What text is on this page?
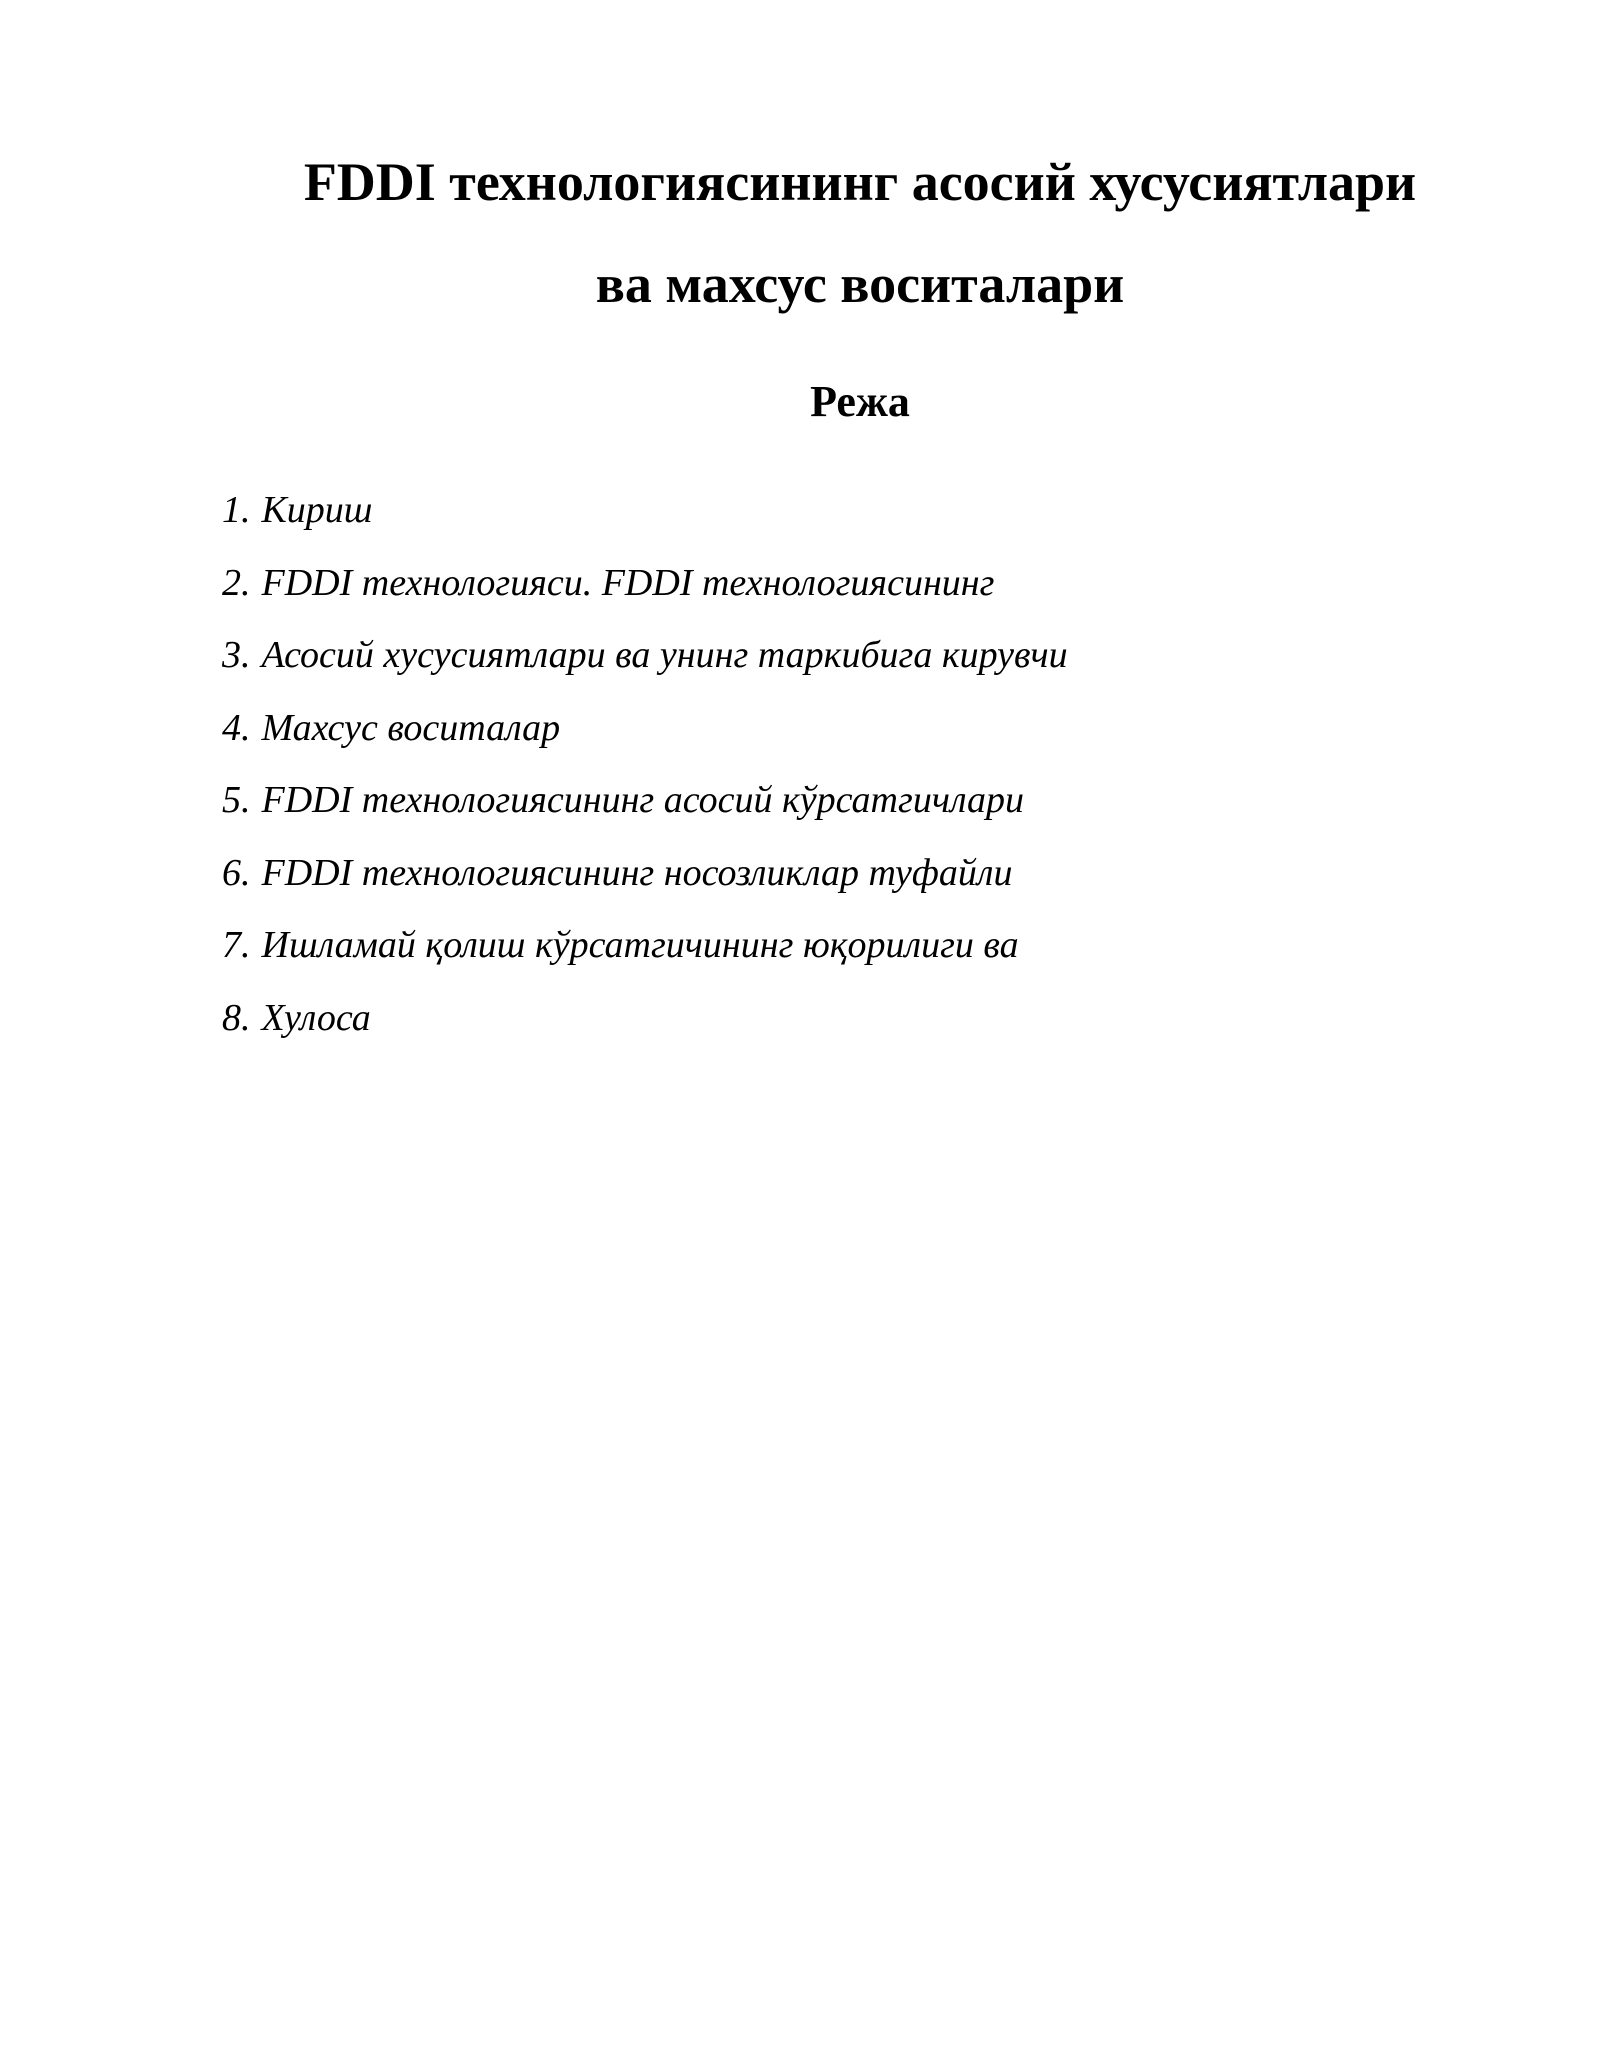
FDDI технологиясининг асосий хусусиятлари
ва махсус воситалари
Режа
1. Кириш
2. FDDI технологияси. FDDI технологиясининг
3. Асосий хусусиятлари ва унинг таркибига кирувчи
4. Махсус воситалар
5. FDDI технологиясининг асосий кўрсатгичлари
6. FDDI технологиясининг носозликлар туфайли
7. Ишламай қолиш кўрсатгичининг юқорилиги ва
8. Хулоса
